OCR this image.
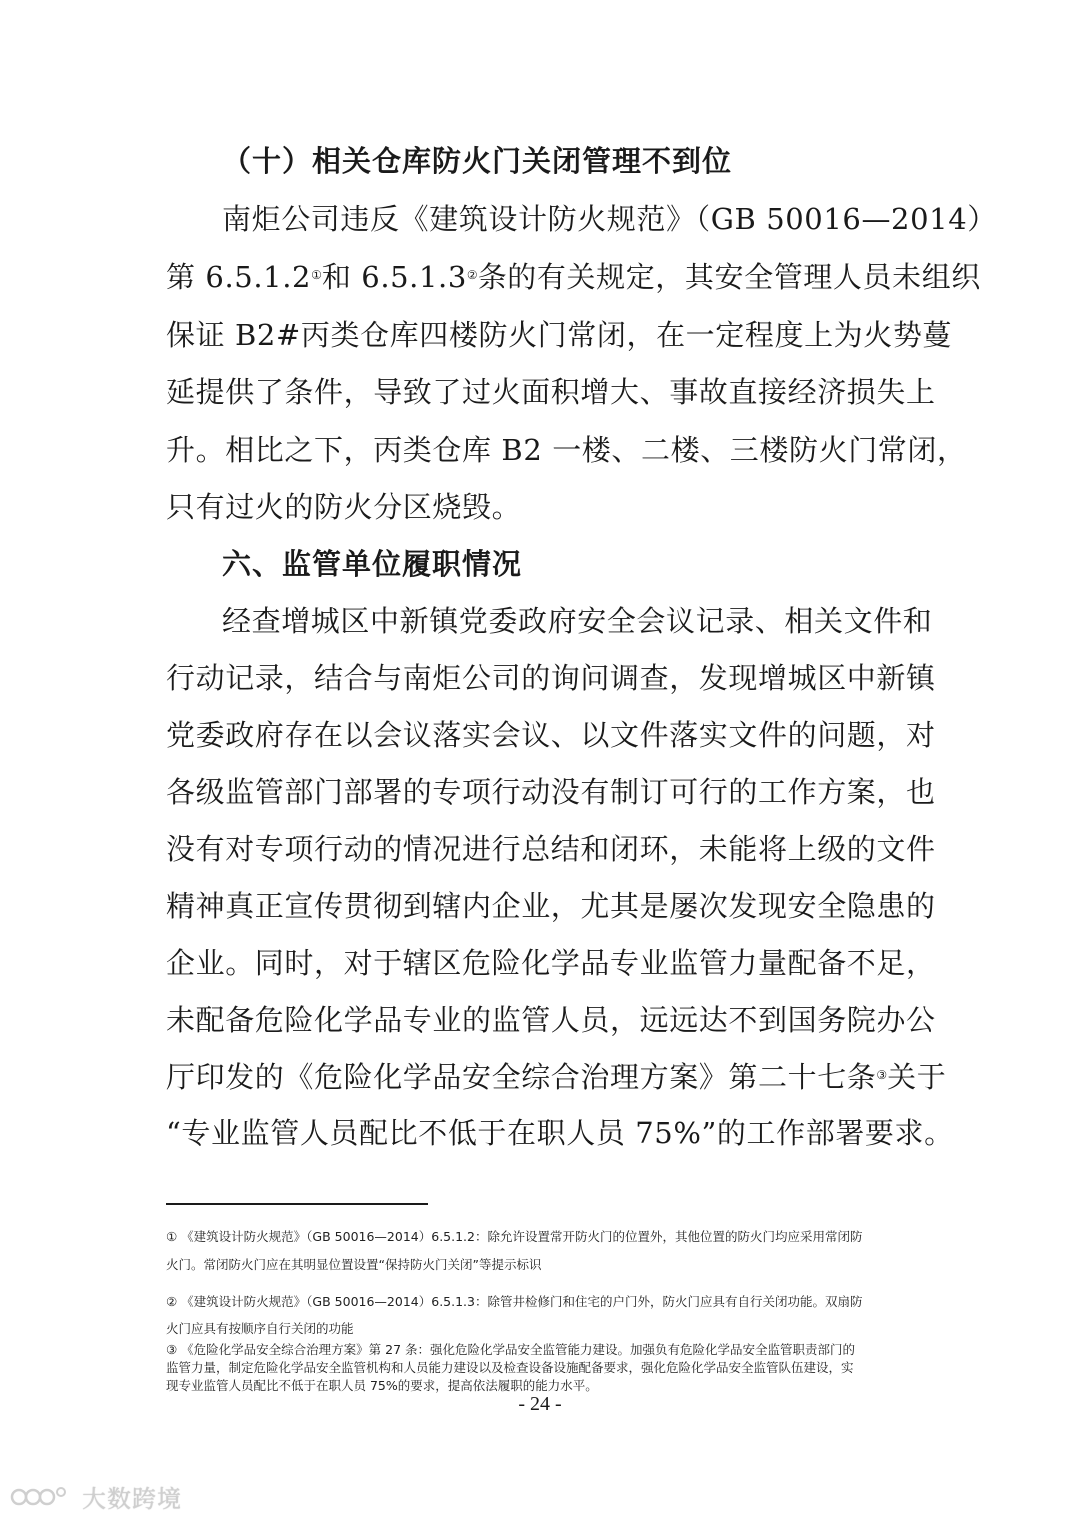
（十）相关仓库防火门关闭管理不到位
南炬公司违反《建筑设计防火规范》（GB 50016—2014）
第 6.5.1.2①和 6.5.1.3②条的有关规定，其安全管理人员未组织
保证 B2#丙类仓库四楼防火门常闭，在一定程度上为火势蔓
延提供了条件，导致了过火面积增大、事故直接经济损失上
升。相比之下，丙类仓库 B2 一楼、二楼、三楼防火门常闭，
只有过火的防火分区烧毁。
六、监管单位履职情况
经查增城区中新镇党委政府安全会议记录、相关文件和
行动记录，结合与南炬公司的询问调查，发现增城区中新镇
党委政府存在以会议落实会议、以文件落实文件的问题，对
各级监管部门部署的专项行动没有制订可行的工作方案，也
没有对专项行动的情况进行总结和闭环，未能将上级的文件
精神真正宣传贯彻到辖内企业，尤其是屡次发现安全隐患的
企业。同时，对于辖区危险化学品专业监管力量配备不足，
未配备危险化学品专业的监管人员，远远达不到国务院办公
厅印发的《危险化学品安全综合治理方案》第二十七条③关于
“专业监管人员配比不低于在职人员 75%”的工作部署要求。
① 《建筑设计防火规范》（GB 50016—2014）6.5.1.2：除允许设置常开防火门的位置外，其他位置的防火门均应采用常闭防
火门。常闭防火门应在其明显位置设置“保持防火门关闭”等提示标识
② 《建筑设计防火规范》（GB 50016—2014）6.5.1.3：除管井检修门和住宅的户门外，防火门应具有自行关闭功能。双扇防
火门应具有按顺序自行关闭的功能
③ 《危险化学品安全综合治理方案》第 27 条：强化危险化学品安全监管能力建设。加强负有危险化学品安全监管职责部门的
监管力量，制定危险化学品安全监管机构和人员能力建设以及检查设备设施配备要求，强化危险化学品安全监管队伍建设，实
现专业监管人员配比不低于在职人员 75%的要求，提高依法履职的能力水平。
- 24 -
大数跨境
